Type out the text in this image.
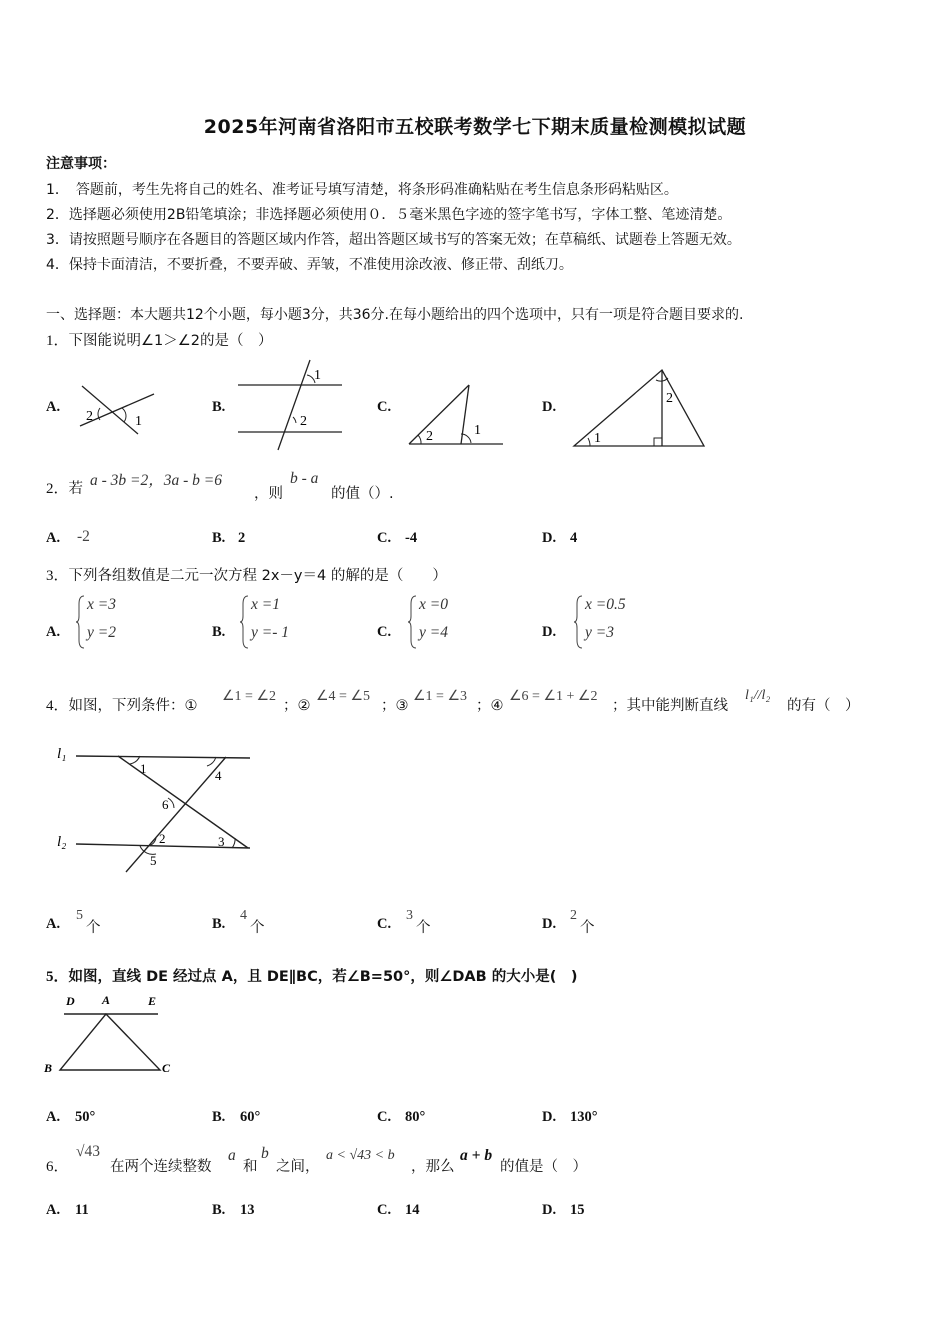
2025年河南省洛阳市五校联考数学七下期末质量检测模拟试题
注意事项：
1．　答题前，考生先将自己的姓名、准考证号填写清楚，将条形码准确粘贴在考生信息条形码粘贴区。
2．选择题必须使用2B铅笔填涂；非选择题必须使用０．５毫米黑色字迹的签字笔书写，字体工整、笔迹清楚。
3．请按照题号顺序在各题目的答题区域内作答，超出答题区域书写的答案无效；在草稿纸、试题卷上答题无效。
4．保持卡面清洁，不要折叠，不要弄破、弄皱，不准使用涂改液、修正带、刮纸刀。
一、选择题：本大题共12个小题，每小题3分，共36分.在每小题给出的四个选项中，只有一项是符合题目要求的.
1．下图能说明∠1＞∠2的是（　）
A.	B.	C.	D.
2	1
1
2
2	1
2
1
2．若 a - 3b =2，3a - b =6
，则
b - a
的值（）.
A. -2	B. 2	C. -4	D. 4
3．下列各组数值是二元一次方程 2x－y＝4 的解的是（　　）
A.
x =3
y =2	B.
x =1
y =- 1	C.
x =0
y =4	D.
x =0.5
y =3
4．如图，下列条件：①
∠1 = ∠2
；②
∠4 = ∠5
；③
∠1 = ∠3
；④
∠6 = ∠1 + ∠2
；其中能判断直线
l₁//l₂
的有（　）
l₁
l₂
1	4
6
2	3
5
A.
5
个	B.
4
个	C.
3
个	D.
2
个
5．如图，直线 DE 经过点 A，且 DE∥BC，若∠B=50°，则∠DAB 的大小是(　)
D A	E
B	C
A. 50°	B. 60°	C. 80°	D. 130°
6．
√43
在两个连续整数
a
和
b
之间，
a < √43 < b
，那么
a + b
的值是（　）
A. 11	B. 13	C. 14	D. 15
